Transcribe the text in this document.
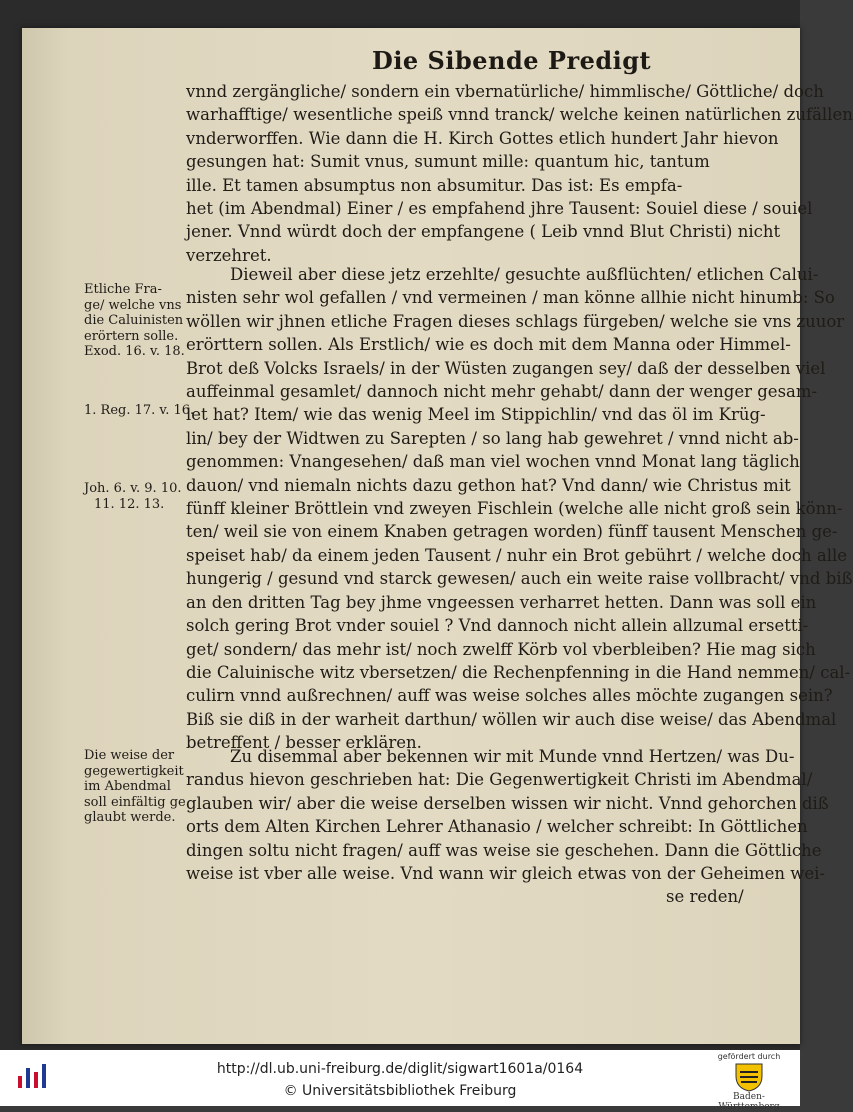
Die Sibende Predigt
vnnd zergängliche/ sondern ein vbernatürliche/ himmlische/ Göttliche/ doch
warhafftige/ wesentliche speiß vnnd tranck/ welche keinen natürlichen zufällen
vnderworffen. Wie dann die H. Kirch Gottes etlich hundert Jahr hievon
gesungen hat: Sumit vnus, sumunt mille: quantum hic, tantum
ille. Et tamen absumptus non absumitur. Das ist: Es empfa-
het (im Abendmal) Einer / es empfahend jhre Tausent: Souiel diese / souiel
jener. Vnnd würdt doch der empfangene ( Leib vnnd Blut Christi) nicht
verzehret.
Dieweil aber diese jetz erzehlte/ gesuchte außflüchten/ etlichen Calui-
nisten sehr wol gefallen / vnd vermeinen / man könne allhie nicht hinumb: So
wöllen wir jhnen etliche Fragen dieses schlags fürgeben/ welche sie vns zuuor
erörttern sollen. Als Erstlich/ wie es doch mit dem Manna oder Himmel-
Brot deß Volcks Israels/ in der Wüsten zugangen sey/ daß der desselben viel
auffeinmal gesamlet/ dannoch nicht mehr gehabt/ dann der wenger gesam-
let hat? Item/ wie das wenig Meel im Stippichlin/ vnd das öl im Krüg-
lin/ bey der Widtwen zu Sarepten / so lang hab gewehret / vnnd nicht ab-
genommen: Vnangesehen/ daß man viel wochen vnnd Monat lang täglich
dauon/ vnd niemaln nichts dazu gethon hat? Vnd dann/ wie Christus mit
fünff kleiner Bröttlein vnd zweyen Fischlein (welche alle nicht groß sein könn-
ten/ weil sie von einem Knaben getragen worden) fünff tausent Menschen ge-
speiset hab/ da einem jeden Tausent / nuhr ein Brot gebührt / welche doch alle
hungerig / gesund vnd starck gewesen/ auch ein weite raise vollbracht/ vnd biß
an den dritten Tag bey jhme vngeessen verharret hetten. Dann was soll ein
solch gering Brot vnder souiel ? Vnd dannoch nicht allein allzumal ersetti-
get/ sondern/ das mehr ist/ noch zwelff Körb vol vberbleiben? Hie mag sich
die Caluinische witz vbersetzen/ die Rechenpfenning in die Hand nemmen/ cal-
culirn vnnd außrechnen/ auff was weise solches alles möchte zugangen sein?
Biß sie diß in der warheit darthun/ wöllen wir auch dise weise/ das Abendmal
betreffent / besser erklären.
Zu disemmal aber bekennen wir mit Munde vnnd Hertzen/ was Du-
randus hievon geschrieben hat: Die Gegenwertigkeit Christi im Abendmal/
glauben wir/ aber die weise derselben wissen wir nicht. Vnnd gehorchen diß
orts dem Alten Kirchen Lehrer Athanasio / welcher schreibt: In Göttlichen
dingen soltu nicht fragen/ auff was weise sie geschehen. Dann die Göttliche
weise ist vber alle weise. Vnd wann wir gleich etwas von der Geheimen wei-
se reden/
Etliche Fra-
ge/ welche vns
die Caluinisten
erörtern solle.
Exod. 16. v. 18.
1. Reg. 17. v. 16.
Joh. 6. v. 9. 10.
11. 12. 13.
Die weise der
gegewertigkeit
im Abendmal
soll einfältig ge
glaubt werde.
http://dl.ub.uni-freiburg.de/diglit/sigwart1601a/0164
© Universitätsbibliothek Freiburg
gefördert durch
Baden-Württemberg
